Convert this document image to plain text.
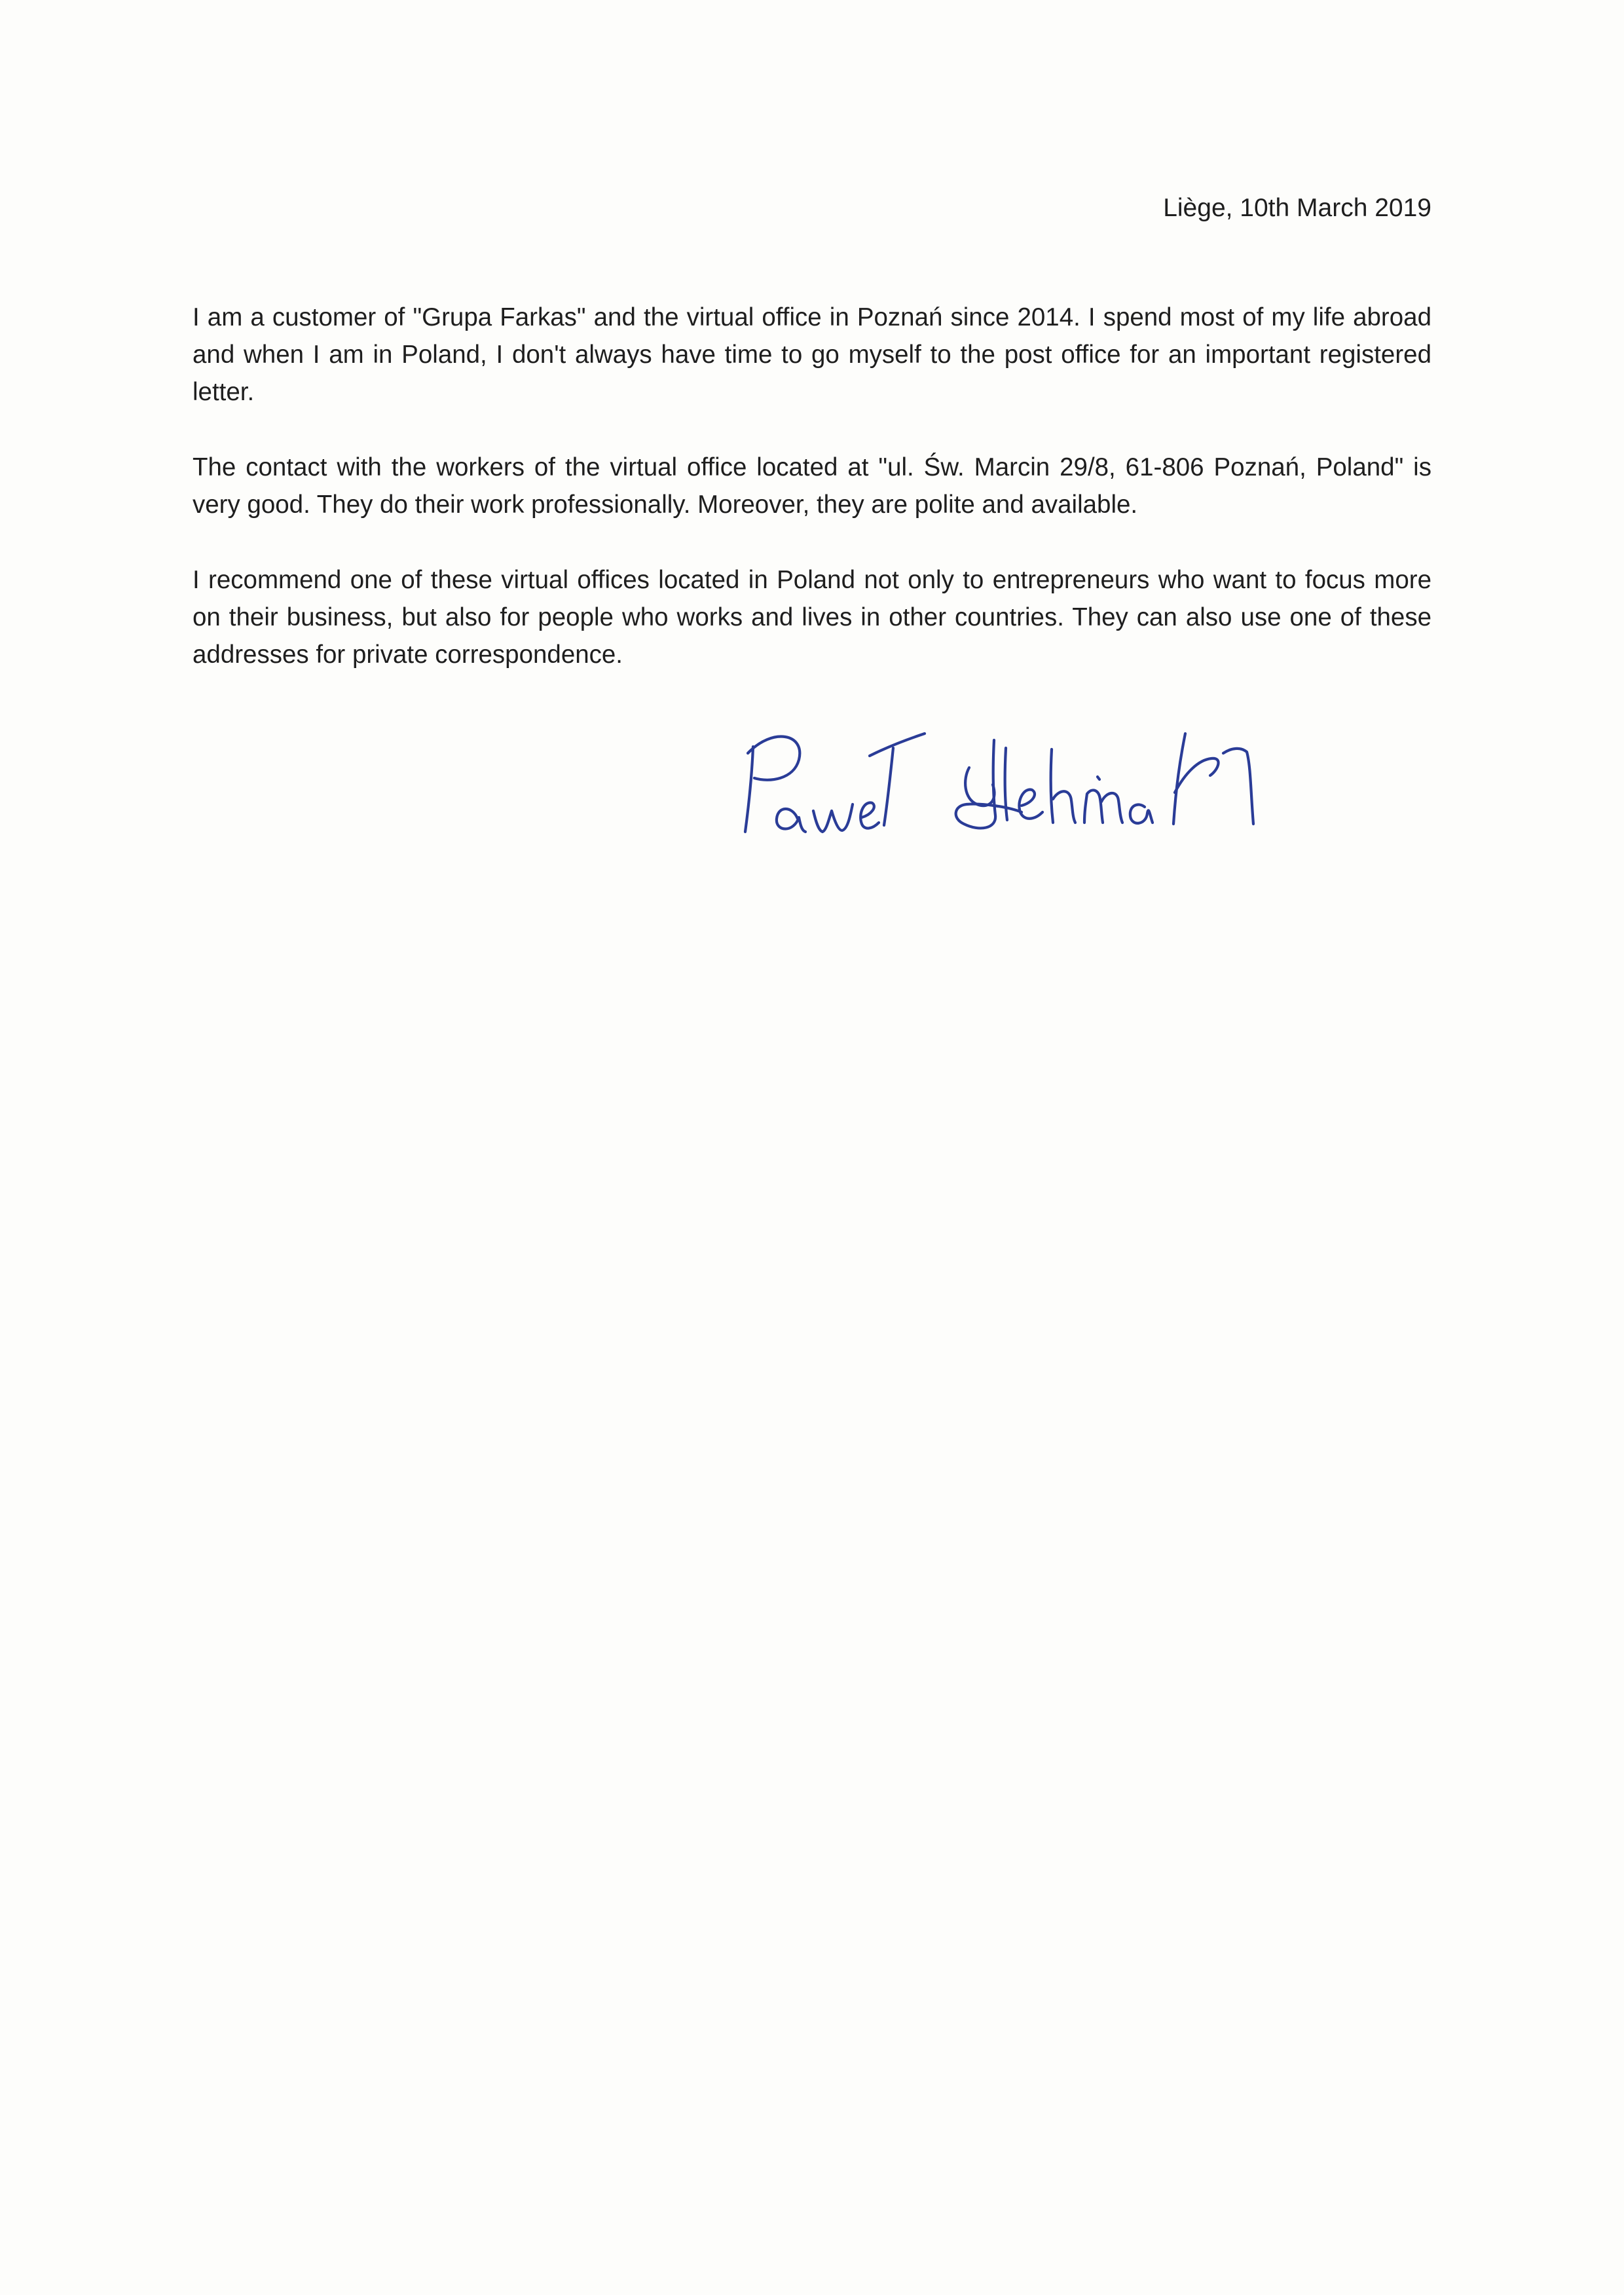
Liège, 10th March 2019

I am a customer of "Grupa Farkas" and the virtual office in Poznań since 2014. I spend most of my life abroad and when I am in Poland, I don't always have time to go myself to the post office for an important registered letter.

The contact with the workers of the virtual office located at "ul. Św. Marcin 29/8, 61-806 Poznań, Poland" is very good. They do their work professionally. Moreover, they are polite and available.

I recommend one of these virtual offices located in Poland not only to entrepreneurs who want to focus more on their business, but also for people who works and lives in other countries. They can also use one of these addresses for private correspondence.
